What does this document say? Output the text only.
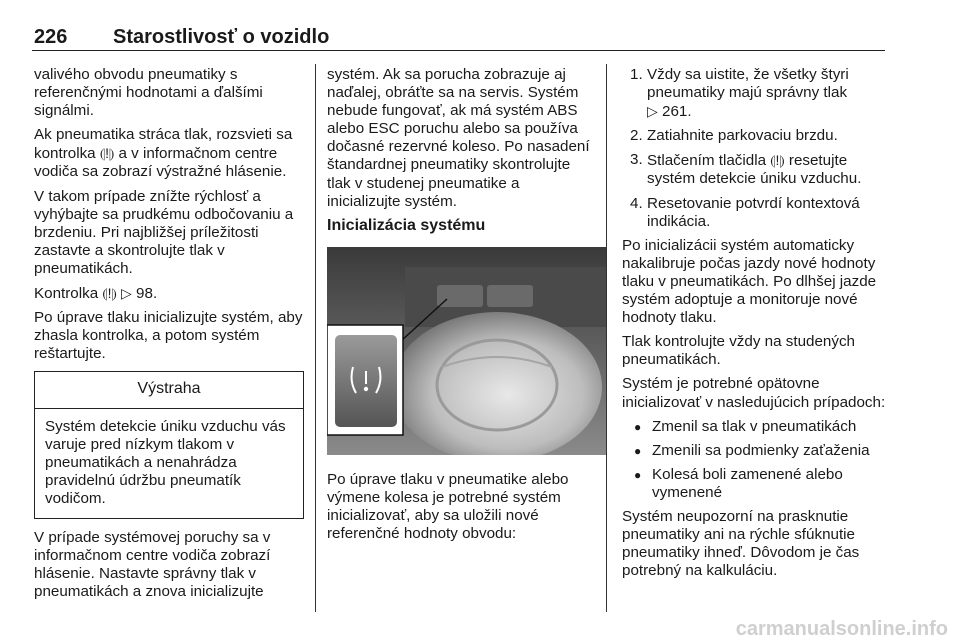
226 Starostlivosť o vozidlo

valivého obvodu pneumatiky s referenčnými hodnotami a ďalšími signálmi.

Ak pneumatika stráca tlak, rozsvieti sa kontrolka ⦇!⦈ a v informačnom centre vodiča sa zobrazí výstražné hlásenie.

V takom prípade znížte rýchlosť a vyhýbajte sa prudkému odbočovaniu a brzdeniu. Pri najbližšej príležitosti zastavte a skontrolujte tlak v pneumatikách.

Kontrolka ⦇!⦈ ▷ 98.

Po úprave tlaku inicializujte systém, aby zhasla kontrolka, a potom systém reštartujte.

Výstraha
Systém detekcie úniku vzduchu vás varuje pred nízkym tlakom v pneumatikách a nenahrádza pravidelnú údržbu pneumatík vodičom.

V prípade systémovej poruchy sa v informačnom centre vodiča zobrazí hlásenie. Nastavte správny tlak v pneumatikách a znova inicializujte

systém. Ak sa porucha zobrazuje aj naďalej, obráťte sa na servis. Systém nebude fungovať, ak má systém ABS alebo ESC poruchu alebo sa používa dočasné rezervné koleso. Po nasadení štandardnej pneumatiky skontrolujte tlak v studenej pneumatike a inicializujte systém.

Inicializácia systému

Po úprave tlaku v pneumatike alebo výmene kolesa je potrebné systém inicializovať, aby sa uložili nové referenčné hodnoty obvodu:

1. Vždy sa uistite, že všetky štyri pneumatiky majú správny tlak
▷ 261.
2. Zatiahnite parkovaciu brzdu.
3. Stlačením tlačidla ⦇!⦈ resetujte systém detekcie úniku vzduchu.
4. Resetovanie potvrdí kontextová indikácia.

Po inicializácii systém automaticky nakalibruje počas jazdy nové hodnoty tlaku v pneumatikách. Po dlhšej jazde systém adoptuje a monitoruje nové hodnoty tlaku.

Tlak kontrolujte vždy na studených pneumatikách.

Systém je potrebné opätovne inicializovať v nasledujúcich prípadoch:

● Zmenil sa tlak v pneumatikách
● Zmenili sa podmienky zaťaženia
● Kolesá boli zamenené alebo vymenené

Systém neupozorní na prasknutie pneumatiky ani na rýchle sfúknutie pneumatiky ihneď. Dôvodom je čas potrebný na kalkuláciu.

carmanualsonline.info
